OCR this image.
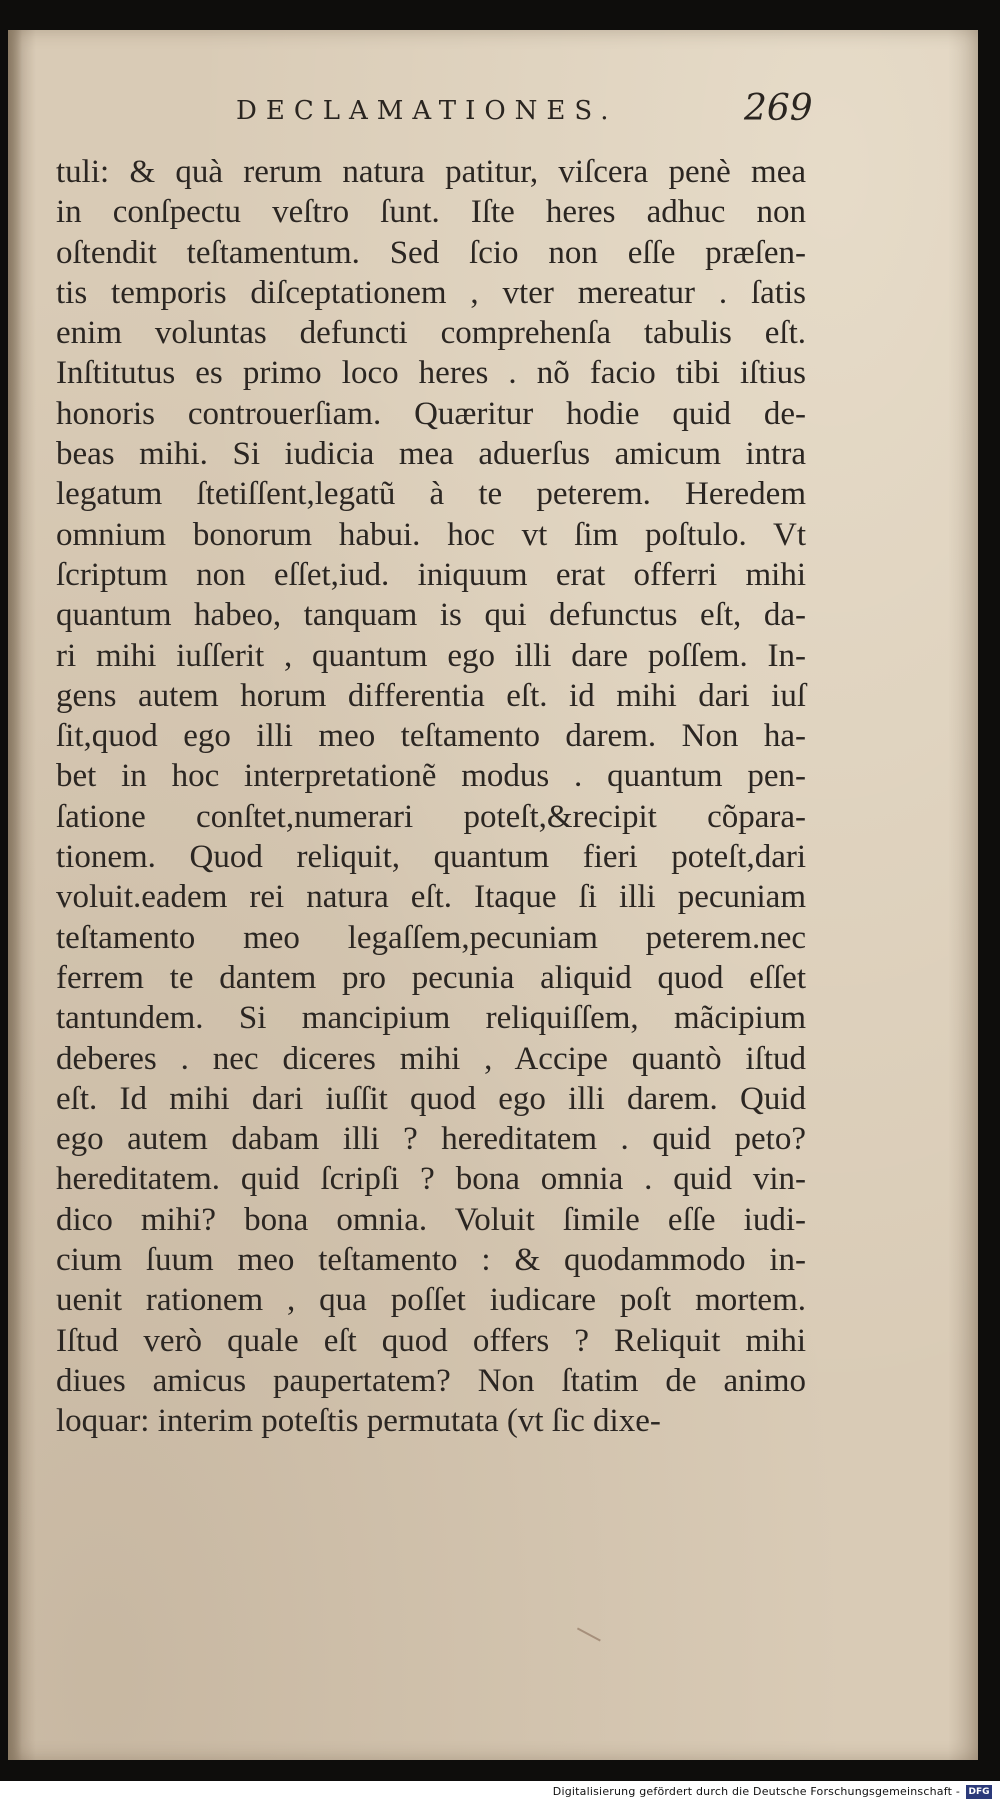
DECLAMATIONES.	269
tuli: & quà rerum natura patitur, viſcera penè mea
in conſpectu veſtro ſunt. Iſte heres adhuc non
oſtendit teſtamentum. Sed ſcio non eſſe præſen-
tis temporis diſceptationem , vter mereatur . ſatis
enim voluntas defuncti comprehenſa tabulis eſt.
Inſtitutus es primo loco heres . nõ facio tibi iſtius
honoris controuerſiam. Quæritur hodie quid de-
beas mihi. Si iudicia mea aduerſus amicum intra
legatum ſtetiſſent,legatũ à te peterem. Heredem
omnium bonorum habui. hoc vt ſim poſtulo. Vt
ſcriptum non eſſet,iud. iniquum erat offerri mihi
quantum habeo, tanquam is qui defunctus eſt, da-
ri mihi iuſſerit , quantum ego illi dare poſſem. In-
gens autem horum differentia eſt. id mihi dari iuſ
ſit,quod ego illi meo teſtamento darem. Non ha-
bet in hoc interpretationẽ modus . quantum pen-
ſatione conſtet,numerari poteſt,&recipit cõpara-
tionem. Quod reliquit, quantum fieri poteſt,dari
voluit.eadem rei natura eſt. Itaque ſi illi pecuniam
teſtamento meo legaſſem,pecuniam peterem.nec
ferrem te dantem pro pecunia aliquid quod eſſet
tantundem. Si mancipium reliquiſſem, mãcipium
deberes . nec diceres mihi , Accipe quantò iſtud
eſt. Id mihi dari iuſſit quod ego illi darem. Quid
ego autem dabam illi ? hereditatem . quid peto?
hereditatem. quid ſcripſi ? bona omnia . quid vin-
dico mihi? bona omnia. Voluit ſimile eſſe iudi-
cium ſuum meo teſtamento : & quodammodo in-
uenit rationem , qua poſſet iudicare poſt mortem.
Iſtud verò quale eſt quod offers ? Reliquit mihi
diues amicus paupertatem? Non ſtatim de animo
loquar: interim poteſtis permutata (vt ſic dixe-
Digitalisierung gefördert durch die Deutsche Forschungsgemeinschaft - DFG
